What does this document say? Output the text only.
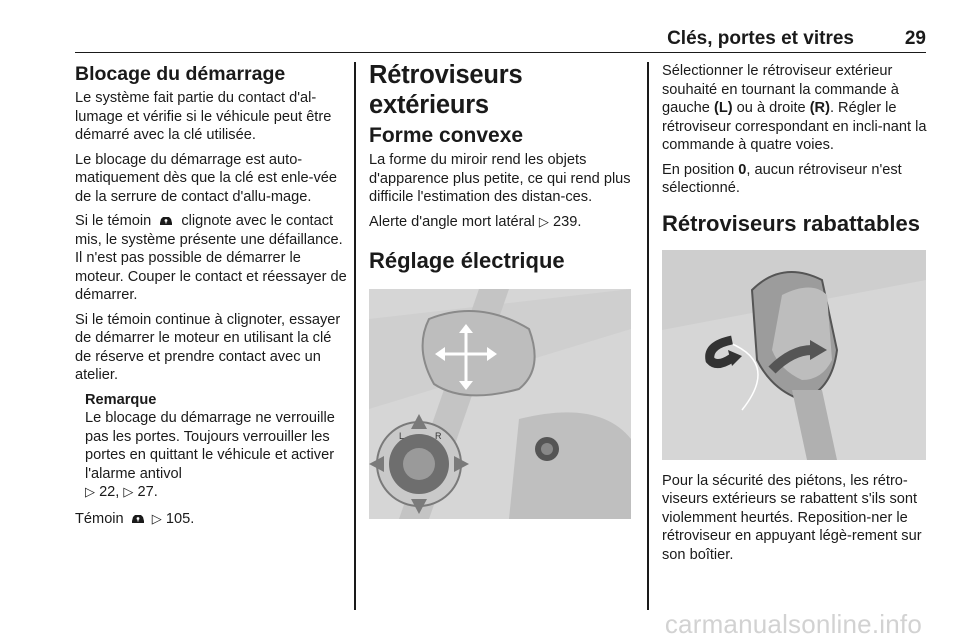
Clés, portes et vitres	29
Blocage du démarrage

Le système fait partie du contact d'al-lumage et vérifie si le véhicule peut être démarré avec la clé utilisée.

Le blocage du démarrage est auto-matiquement dès que la clé est enle-vée de la serrure de contact d'allu-mage.

Si le témoin clignote avec le contact mis, le système présente une défaillance. Il n'est pas possible de démarrer le moteur. Couper le contact et réessayer de démarrer.

Si le témoin continue à clignoter, essayer de démarrer le moteur en utilisant la clé de réserve et prendre contact avec un atelier.

Remarque
Le blocage du démarrage ne verrouille pas les portes. Toujours verrouiller les portes en quittant le véhicule et activer l'alarme antivol
▷ 22, ▷ 27.

Témoin ▷ 105.

Rétroviseurs extérieurs
Forme convexe

La forme du miroir rend les objets d'apparence plus petite, ce qui rend plus difficile l'estimation des distan-ces.

Alerte d'angle mort latéral ▷ 239.

Réglage électrique
L	R

Sélectionner le rétroviseur extérieur souhaité en tournant la commande à gauche (L) ou à droite (R). Régler le rétroviseur correspondant en incli-nant la commande à quatre voies.

En position 0, aucun rétroviseur n'est sélectionné.

Rétroviseurs rabattables

Pour la sécurité des piétons, les rétro-viseurs extérieurs se rabattent s'ils sont violemment heurtés. Reposition-ner le rétroviseur en appuyant légè-rement sur son boîtier.

carmanualsonline.info
